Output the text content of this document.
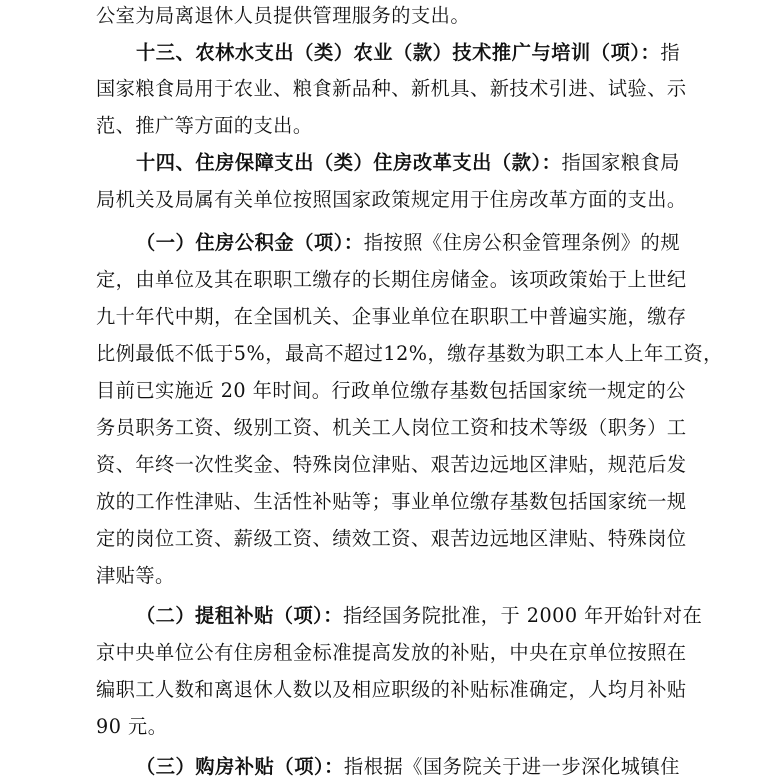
公室为局离退休人员提供管理服务的支出。
十三、农林水支出（类）农业（款）技术推广与培训（项）：指
国家粮食局用于农业、粮食新品种、新机具、新技术引进、试验、示
范、推广等方面的支出。
十四、住房保障支出（类）住房改革支出（款）：指国家粮食局
局机关及局属有关单位按照国家政策规定用于住房改革方面的支出。
（一）住房公积金（项）：指按照《住房公积金管理条例》的规
定，由单位及其在职职工缴存的长期住房储金。该项政策始于上世纪
九十年代中期，在全国机关、企事业单位在职职工中普遍实施，缴存
比例最低不低于5%，最高不超过12%，缴存基数为职工本人上年工资，
目前已实施近 20 年时间。行政单位缴存基数包括国家统一规定的公
务员职务工资、级别工资、机关工人岗位工资和技术等级（职务）工
资、年终一次性奖金、特殊岗位津贴、艰苦边远地区津贴，规范后发
放的工作性津贴、生活性补贴等；事业单位缴存基数包括国家统一规
定的岗位工资、薪级工资、绩效工资、艰苦边远地区津贴、特殊岗位
津贴等。
（二）提租补贴（项）：指经国务院批准，于 2000 年开始针对在
京中央单位公有住房租金标准提高发放的补贴，中央在京单位按照在
编职工人数和离退休人数以及相应职级的补贴标准确定，人均月补贴
90 元。
（三）购房补贴（项）：指根据《国务院关于进一步深化城镇住
